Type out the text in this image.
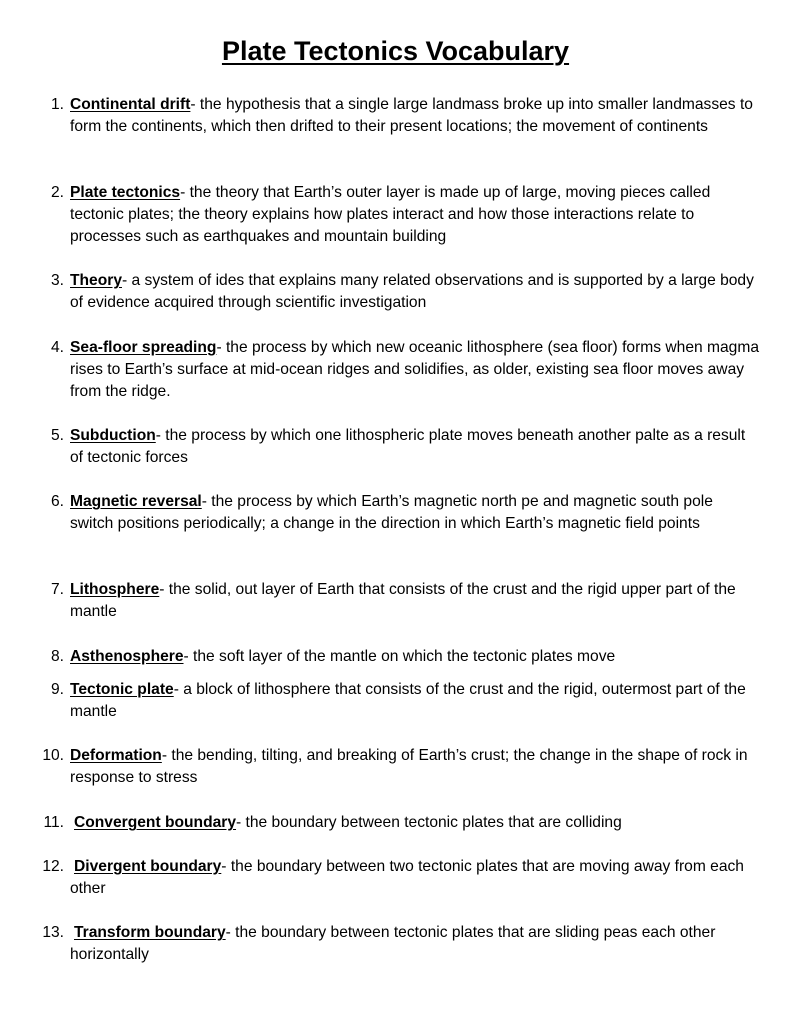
Plate Tectonics Vocabulary
1. Continental drift- the hypothesis that a single large landmass broke up into smaller landmasses to form the continents, which then drifted to their present locations; the movement of continents
2. Plate tectonics- the theory that Earth’s outer layer is made up of large, moving pieces called tectonic plates; the theory explains how plates interact and how those interactions relate to processes such as earthquakes and mountain building
3. Theory- a system of ides that explains many related observations and is supported by a large body of evidence acquired through scientific investigation
4. Sea-floor spreading- the process by which new oceanic lithosphere (sea floor) forms when magma rises to Earth’s surface at mid-ocean ridges and solidifies, as older, existing sea floor moves away from the ridge.
5. Subduction- the process by which one lithospheric plate moves beneath another palte as a result of tectonic forces
6. Magnetic reversal- the process by which Earth’s magnetic north pe and magnetic south pole switch positions periodically; a change in the direction in which Earth’s magnetic field points
7. Lithosphere- the solid, out layer of Earth that consists of the crust and the rigid upper part of the mantle
8. Asthenosphere- the soft layer of the mantle on which the tectonic plates move
9. Tectonic plate- a block of lithosphere that consists of the crust and the rigid, outermost part of the mantle
10. Deformation- the bending, tilting, and breaking of Earth’s crust; the change in the shape of rock in response to stress
11. Convergent boundary- the boundary between tectonic plates that are colliding
12. Divergent boundary- the boundary between two tectonic plates that are moving away from each other
13. Transform boundary- the boundary between tectonic plates that are sliding peas each other horizontally
